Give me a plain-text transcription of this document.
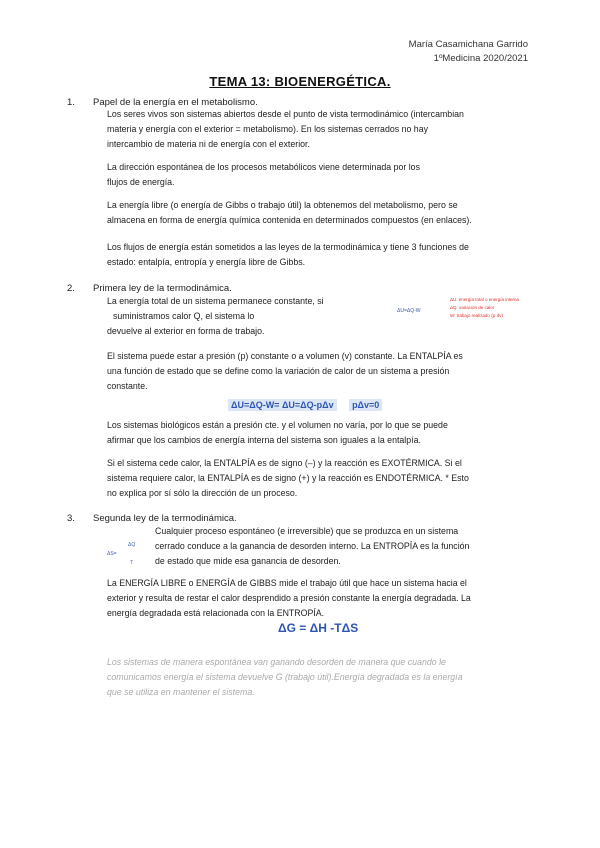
María Casamichana Garrido
1ºMedicina 2020/2021
TEMA 13: BIOENERGÉTICA.
1. Papel de la energía en el metabolismo.
Los seres vivos son sistemas abiertos desde el punto de vista termodinámico (intercambian
materia y energía con el exterior = metabolismo). En los sistemas cerrados no hay
intercambio de materia ni de energía con el exterior.
La dirección espontánea de los procesos metabólicos viene determinada por los
flujos de energía.
La energía libre (o energía de Gibbs o trabajo útil) la obtenemos del metabolismo, pero se
almacena en forma de energía química contenida en determinados compuestos (en enlaces).
Los flujos de energía están sometidos a las leyes de la termodinámica y tiene 3 funciones de
estado: entalpía, entropía y energía libre de Gibbs.
2. Primera ley de la termodinámica.
La energía total de un sistema permanece constante, si
suministramos calor Q, el sistema lo
devuelve al exterior en forma de trabajo.
ΔU=ΔQ-W
ΔU: energía total o energía interna
ΔQ: variación de calor
W: trabajo realizado (p·dv)
El sistema puede estar a presión (p) constante o a volumen (v) constante. La ENTALPÍA es
una función de estado que se define como la variación de calor de un sistema a presión
constante.
ΔU=ΔQ-W= ΔU=ΔQ-pΔv pΔv=0
Los sistemas biológicos están a presión cte. y el volumen no varía, por lo que se puede
afirmar que los cambios de energía interna del sistema son iguales a la entalpía.
Si el sistema cede calor, la ENTALPÍA es de signo (–) y la reacción es EXOTÉRMICA. Si el
sistema requiere calor, la ENTALPÍA es de signo (+) y la reacción es ENDOTÉRMICA. * Esto
no explica por sí sólo la dirección de un proceso.
3. Segunda ley de la termodinámica.
ΔS=
ΔQ
T
Cualquier proceso espontáneo (e irreversible) que se produzca en un sistema
cerrado conduce a la ganancia de desorden interno. La ENTROPÍA es la función
de estado que mide esa ganancia de desorden.
La ENERGÍA LIBRE o ENERGÍA de GIBBS mide el trabajo útil que hace un sistema hacia el
exterior y resulta de restar el calor desprendido a presión constante la energía degradada. La
energía degradada está relacionada con la ENTROPÍA.
ΔG = ΔH -TΔS
Los sistemas de manera espontánea van ganando desorden de manera que cuando le
comunicamos energía el sistema devuelve G (trabajo útil).Energía degradada es la energía
que se utiliza en mantener el sistema.
